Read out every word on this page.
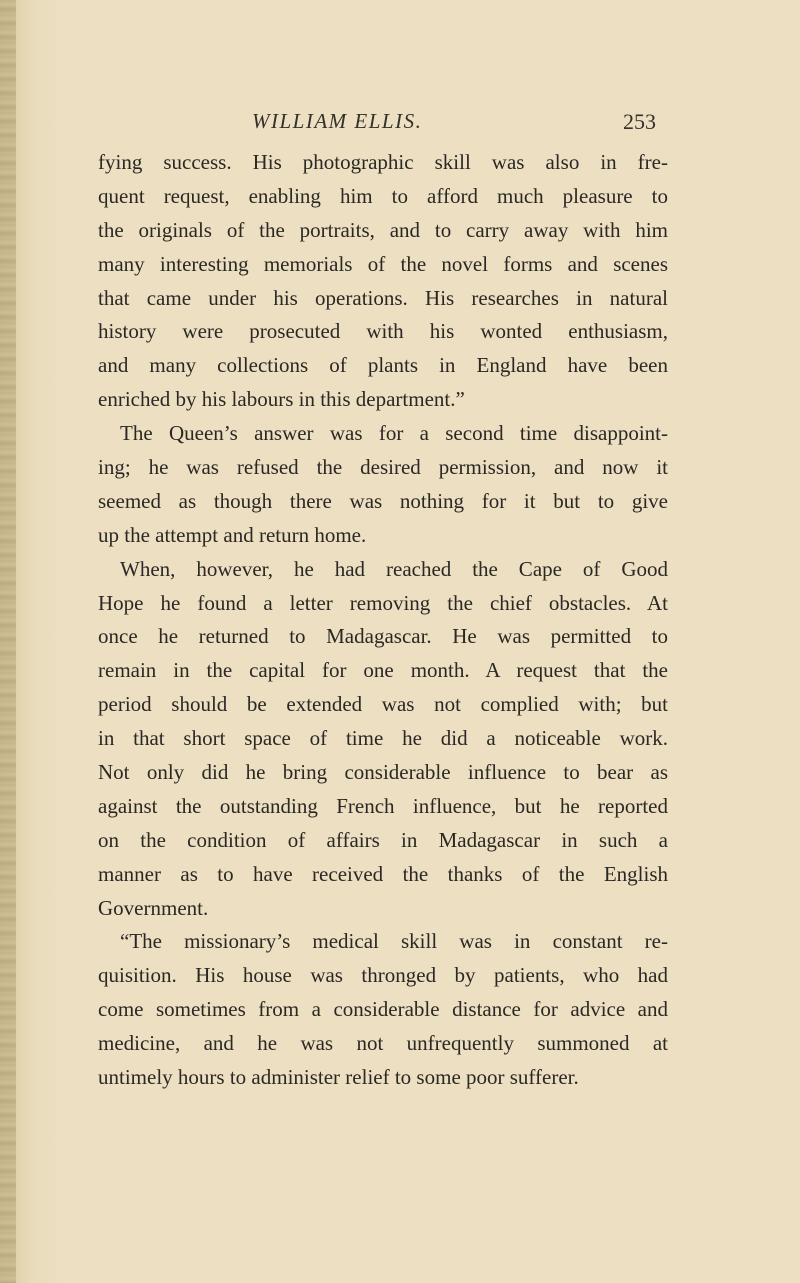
WILLIAM ELLIS.	253
fying success. His photographic skill was also in fre-
quent request, enabling him to afford much pleasure to
the originals of the portraits, and to carry away with him
many interesting memorials of the novel forms and scenes
that came under his operations. His researches in natural
history were prosecuted with his wonted enthusiasm,
and many collections of plants in England have been
enriched by his labours in this department.”
The Queen’s answer was for a second time disappoint-
ing; he was refused the desired permission, and now it
seemed as though there was nothing for it but to give
up the attempt and return home.
When, however, he had reached the Cape of Good
Hope he found a letter removing the chief obstacles. At
once he returned to Madagascar. He was permitted to
remain in the capital for one month. A request that the
period should be extended was not complied with; but
in that short space of time he did a noticeable work.
Not only did he bring considerable influence to bear as
against the outstanding French influence, but he reported
on the condition of affairs in Madagascar in such a
manner as to have received the thanks of the English
Government.
“The missionary’s medical skill was in constant re-
quisition. His house was thronged by patients, who had
come sometimes from a considerable distance for advice and
medicine, and he was not unfrequently summoned at
untimely hours to administer relief to some poor sufferer.
